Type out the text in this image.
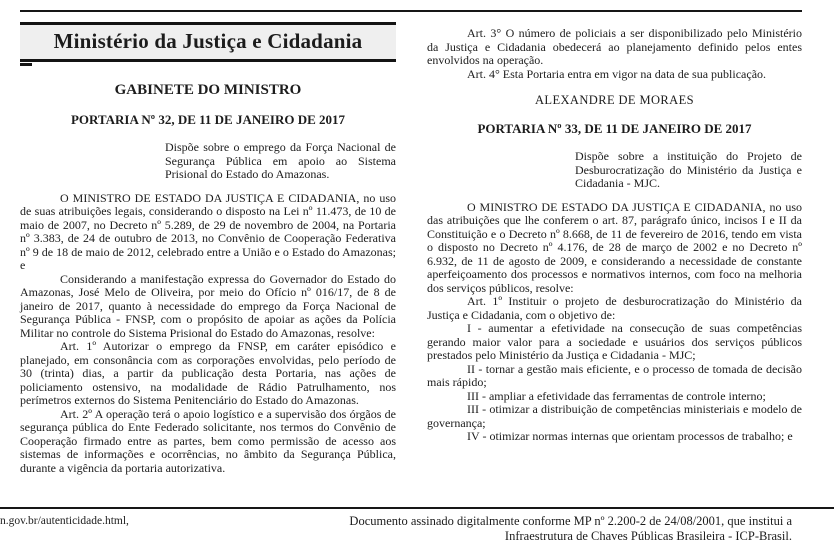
Ministério da Justiça e Cidadania
GABINETE DO MINISTRO
PORTARIA Nº 32, DE 11 DE JANEIRO DE 2017
Dispõe sobre o emprego da Força Nacional de Segurança Pública em apoio ao Sistema Prisional do Estado do Amazonas.

O MINISTRO DE ESTADO DA JUSTIÇA E CIDADANIA, no uso de suas atribuições legais, considerando o disposto na Lei nº 11.473, de 10 de maio de 2007, no Decreto nº 5.289, de 29 de novembro de 2004, na Portaria nº 3.383, de 24 de outubro de 2013, no Convênio de Cooperação Federativa nº 9 de 18 de maio de 2012, celebrado entre a União e o Estado do Amazonas; e

Considerando a manifestação expressa do Governador do Estado do Amazonas, José Melo de Oliveira, por meio do Ofício nº 016/17, de 8 de janeiro de 2017, quanto à necessidade do emprego da Força Nacional de Segurança Pública - FNSP, com o propósito de apoiar as ações da Polícia Militar no controle do Sistema Prisional do Estado do Amazonas, resolve:

Art. 1º Autorizar o emprego da FNSP, em caráter episódico e planejado, em consonância com as corporações envolvidas, pelo período de 30 (trinta) dias, a partir da publicação desta Portaria, nas ações de policiamento ostensivo, na modalidade de Rádio Patrulhamento, nos perímetros externos do Sistema Penitenciário do Estado do Amazonas.

Art. 2º A operação terá o apoio logístico e a supervisão dos órgãos de segurança pública do Ente Federado solicitante, nos termos do Convênio de Cooperação firmado entre as partes, bem como permissão de acesso aos sistemas de informações e ocorrências, no âmbito da Segurança Pública, durante a vigência da portaria autorizativa.

Art. 3° O número de policiais a ser disponibilizado pelo Ministério da Justiça e Cidadania obedecerá ao planejamento definido pelos entes envolvidos na operação.

Art. 4° Esta Portaria entra em vigor na data de sua publicação.

ALEXANDRE DE MORAES
PORTARIA Nº 33, DE 11 DE JANEIRO DE 2017
Dispõe sobre a instituição do Projeto de Desburocratização do Ministério da Justiça e Cidadania - MJC.

O MINISTRO DE ESTADO DA JUSTIÇA E CIDADANIA, no uso das atribuições que lhe conferem o art. 87, parágrafo único, incisos I e II da Constituição e o Decreto nº 8.668, de 11 de fevereiro de 2016, tendo em vista o disposto no Decreto nº 4.176, de 28 de março de 2002 e no Decreto nº 6.932, de 11 de agosto de 2009, e considerando a necessidade de constante aperfeiçoamento dos processos e normativos internos, com foco na melhoria dos serviços públicos, resolve:

Art. 1º Instituir o projeto de desburocratização do Ministério da Justiça e Cidadania, com o objetivo de:

I - aumentar a efetividade na consecução de suas competências gerando maior valor para a sociedade e usuários dos serviços públicos prestados pelo Ministério da Justiça e Cidadania - MJC;

II - tornar a gestão mais eficiente, e o processo de tomada de decisão mais rápido;

III - ampliar a efetividade das ferramentas de controle interno;

III - otimizar a distribuição de competências ministeriais e modelo de governança;

IV - otimizar normas internas que orientam processos de trabalho; e

n.gov.br/autenticidade.html,	Documento assinado digitalmente conforme MP nº 2.200-2 de 24/08/2001, que institui a
Infraestrutura de Chaves Públicas Brasileira - ICP-Brasil.
